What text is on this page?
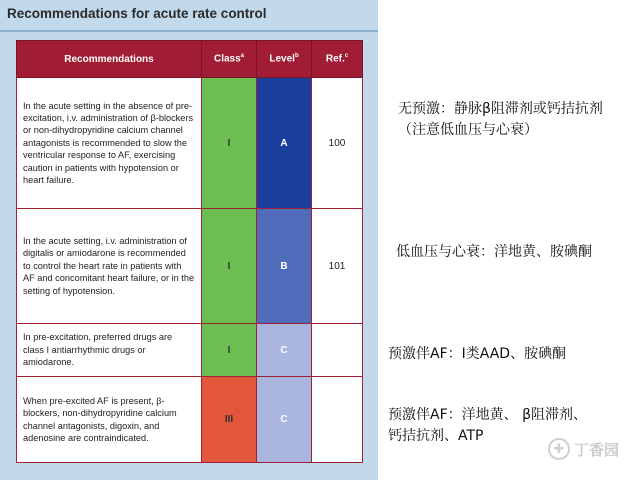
Recommendations for acute rate control
Recommendations	Class$^a$	Level$^b$	Ref.$^c$
In the acute setting in the absence of pre-excitation, i.v. administration of β-blockers or non-dihydropyridine calcium channel antagonists is recommended to slow the ventricular response to AF, exercising caution in patients with hypotension or heart failure.	I	A	100
In the acute setting, i.v. administration of digitalis or amiodarone is recommended to control the heart rate in patients with AF and concomitant heart failure, or in the setting of hypotension.	I	B	101
In pre-excitation, preferred drugs are class I antiarrhythmic drugs or amiodarone.	I	C	
When pre-excited AF is present, β-blockers, non-dihydropyridine calcium channel antagonists, digoxin, and adenosine are contraindicated.	III	C	
无预激：静脉β阻滞剂或钙拮抗剂
（注意低血压与心衰）
低血压与心衰：洋地黄、胺碘酮
预激伴AF：I类AAD、胺碘酮
预激伴AF：洋地黄、 β阻滞剂、
钙拮抗剂、ATP
✚ 丁香园
